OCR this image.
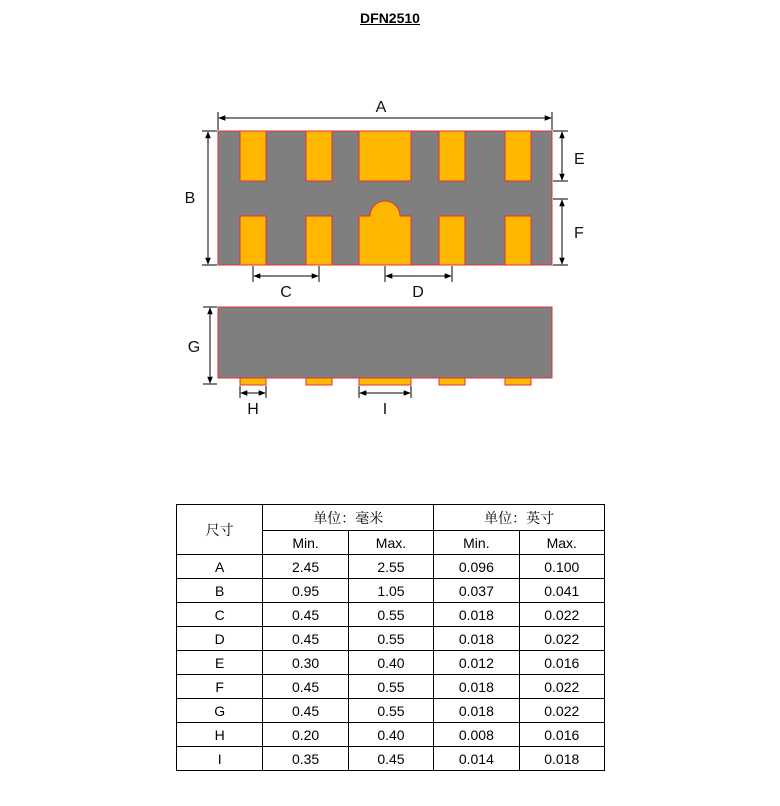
DFN2510
A
B
E
F
C	D
G
H	I
尺寸	单位：毫米		单位：英寸	
	Min.	Max.	Min.	Max.
A	2.45	2.55	0.096	0.100
B	0.95	1.05	0.037	0.041
C	0.45	0.55	0.018	0.022
D	0.45	0.55	0.018	0.022
E	0.30	0.40	0.012	0.016
F	0.45	0.55	0.018	0.022
G	0.45	0.55	0.018	0.022
H	0.20	0.40	0.008	0.016
I	0.35	0.45	0.014	0.018
